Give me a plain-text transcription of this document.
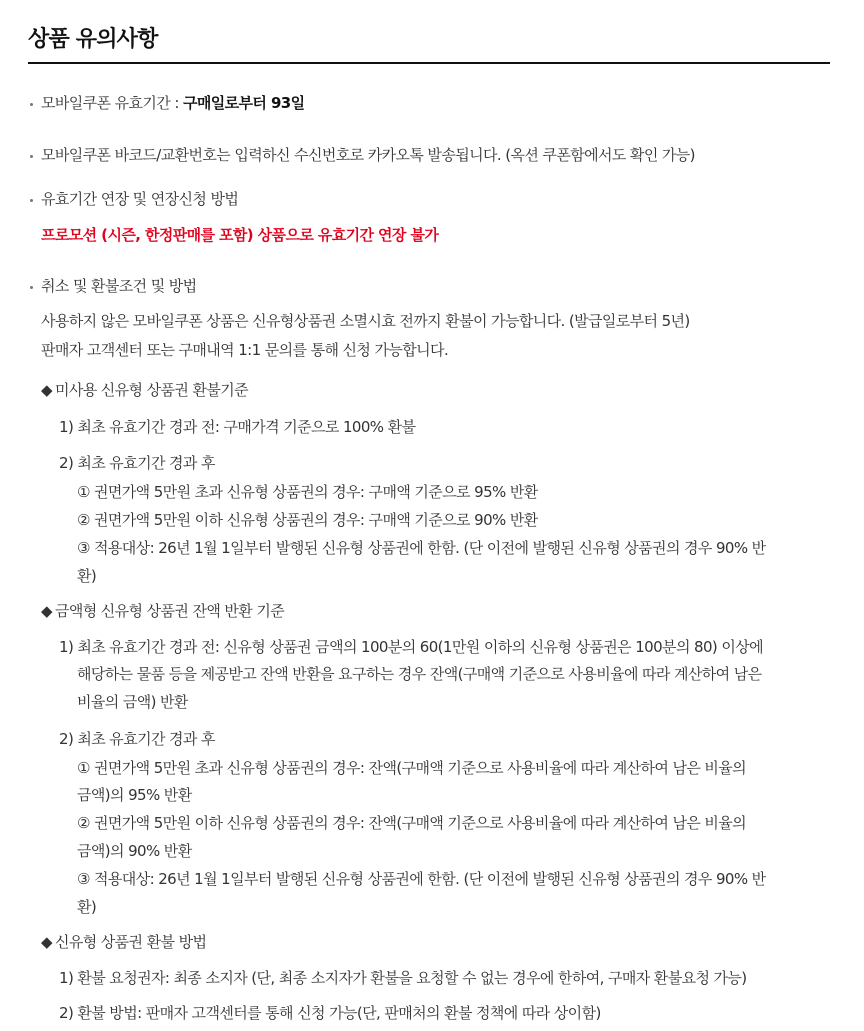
상품 유의사항
모바일쿠폰 유효기간 : 구매일로부터 93일
모바일쿠폰 바코드/교환번호는 입력하신 수신번호로 카카오톡 발송됩니다. (옥션 쿠폰함에서도 확인 가능)
유효기간 연장 및 연장신청 방법
프로모션 (시즌, 한정판매를 포함) 상품으로 유효기간 연장 불가
취소 및 환불조건 및 방법
사용하지 않은 모바일쿠폰 상품은 신유형상품권 소멸시효 전까지 환불이 가능합니다. (발급일로부터 5년)
판매자 고객센터 또는 구매내역 1:1 문의를 통해 신청 가능합니다.
◆ 미사용 신유형 상품권 환불기준
1) 최초 유효기간 경과 전: 구매가격 기준으로 100% 환불
2) 최초 유효기간 경과 후
① 권면가액 5만원 초과 신유형 상품권의 경우: 구매액 기준으로 95% 반환
② 권면가액 5만원 이하 신유형 상품권의 경우: 구매액 기준으로 90% 반환
③ 적용대상: 26년 1월 1일부터 발행된 신유형 상품권에 한함. (단 이전에 발행된 신유형 상품권의 경우 90% 반
환)
◆ 금액형 신유형 상품권 잔액 반환 기준
1) 최초 유효기간 경과 전: 신유형 상품권 금액의 100분의 60(1만원 이하의 신유형 상품권은 100분의 80) 이상에
해당하는 물품 등을 제공받고 잔액 반환을 요구하는 경우 잔액(구매액 기준으로 사용비율에 따라 계산하여 남은
비율의 금액) 반환
2) 최초 유효기간 경과 후
① 권면가액 5만원 초과 신유형 상품권의 경우: 잔액(구매액 기준으로 사용비율에 따라 계산하여 남은 비율의
금액)의 95% 반환
② 권면가액 5만원 이하 신유형 상품권의 경우: 잔액(구매액 기준으로 사용비율에 따라 계산하여 남은 비율의
금액)의 90% 반환
③ 적용대상: 26년 1월 1일부터 발행된 신유형 상품권에 한함. (단 이전에 발행된 신유형 상품권의 경우 90% 반
환)
◆ 신유형 상품권 환불 방법
1) 환불 요청권자: 최종 소지자 (단, 최종 소지자가 환불을 요청할 수 없는 경우에 한하여, 구매자 환불요청 가능)
2) 환불 방법: 판매자 고객센터를 통해 신청 가능(단, 판매처의 환불 정책에 따라 상이함)
